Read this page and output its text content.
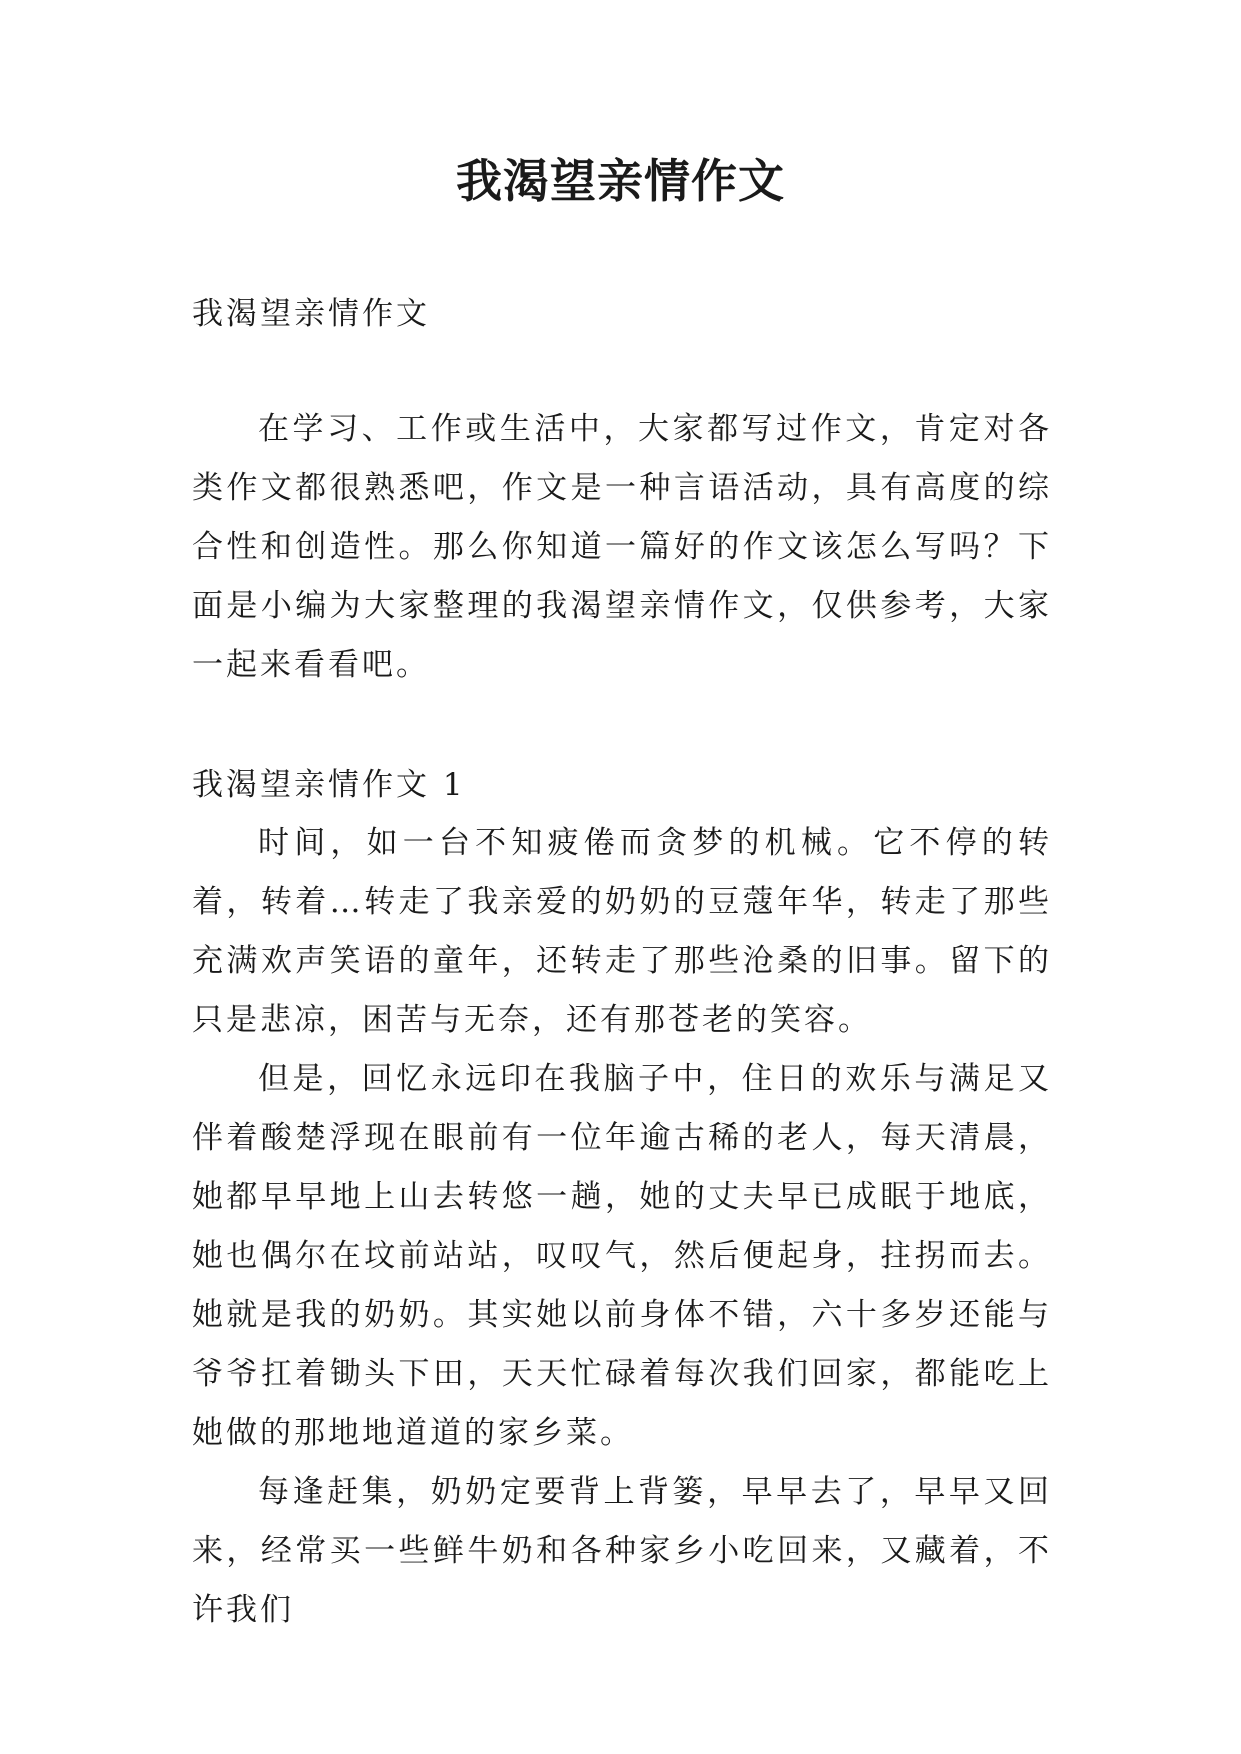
我渴望亲情作文
我渴望亲情作文

在学习、工作或生活中，大家都写过作文，肯定对各类作文都很熟悉吧，作文是一种言语活动，具有高度的综合性和创造性。那么你知道一篇好的作文该怎么写吗？下面是小编为大家整理的我渴望亲情作文，仅供参考，大家一起来看看吧。

我渴望亲情作文 1

时间，如一台不知疲倦而贪梦的机械。它不停的转着，转着…转走了我亲爱的奶奶的豆蔻年华，转走了那些充满欢声笑语的童年，还转走了那些沧桑的旧事。留下的只是悲凉，困苦与无奈，还有那苍老的笑容。

但是，回忆永远印在我脑子中，住日的欢乐与满足又伴着酸楚浮现在眼前有一位年逾古稀的老人，每天清晨，她都早早地上山去转悠一趟，她的丈夫早已成眠于地底，她也偶尔在坟前站站，叹叹气，然后便起身，拄拐而去。她就是我的奶奶。其实她以前身体不错，六十多岁还能与爷爷扛着锄头下田，天天忙碌着每次我们回家，都能吃上她做的那地地道道的家乡菜。

每逢赶集，奶奶定要背上背篓，早早去了，早早又回来，经常买一些鲜牛奶和各种家乡小吃回来，又藏着，不许我们
